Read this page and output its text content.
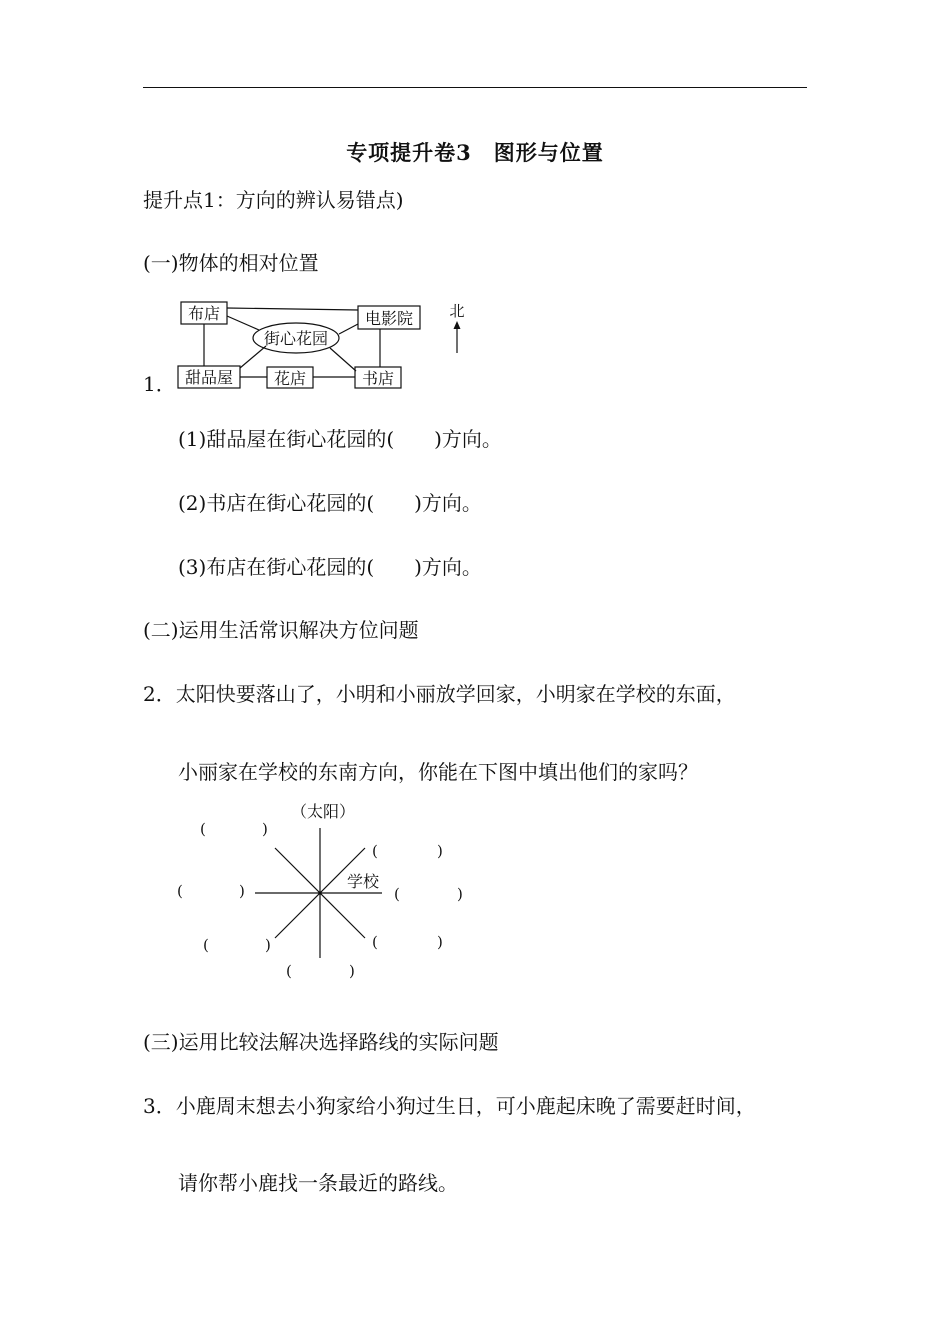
专项提升卷3　图形与位置
提升点1：方向的辨认易错点)
(一)物体的相对位置
1．
布店	电影院
街心花园
甜品屋	花店	书店
北
(1)甜品屋在街心花园的(　　)方向。
(2)书店在街心花园的(　　)方向。
(3)布店在街心花园的(　　)方向。
(二)运用生活常识解决方位问题
2．太阳快要落山了，小明和小丽放学回家，小明家在学校的东面，
小丽家在学校的东南方向，你能在下图中填出他们的家吗？
（太阳）
学校
(	)
(	)
(	)	(	)
(	)	(	)
(	)
(三)运用比较法解决选择路线的实际问题
3．小鹿周末想去小狗家给小狗过生日，可小鹿起床晚了需要赶时间，
请你帮小鹿找一条最近的路线。
